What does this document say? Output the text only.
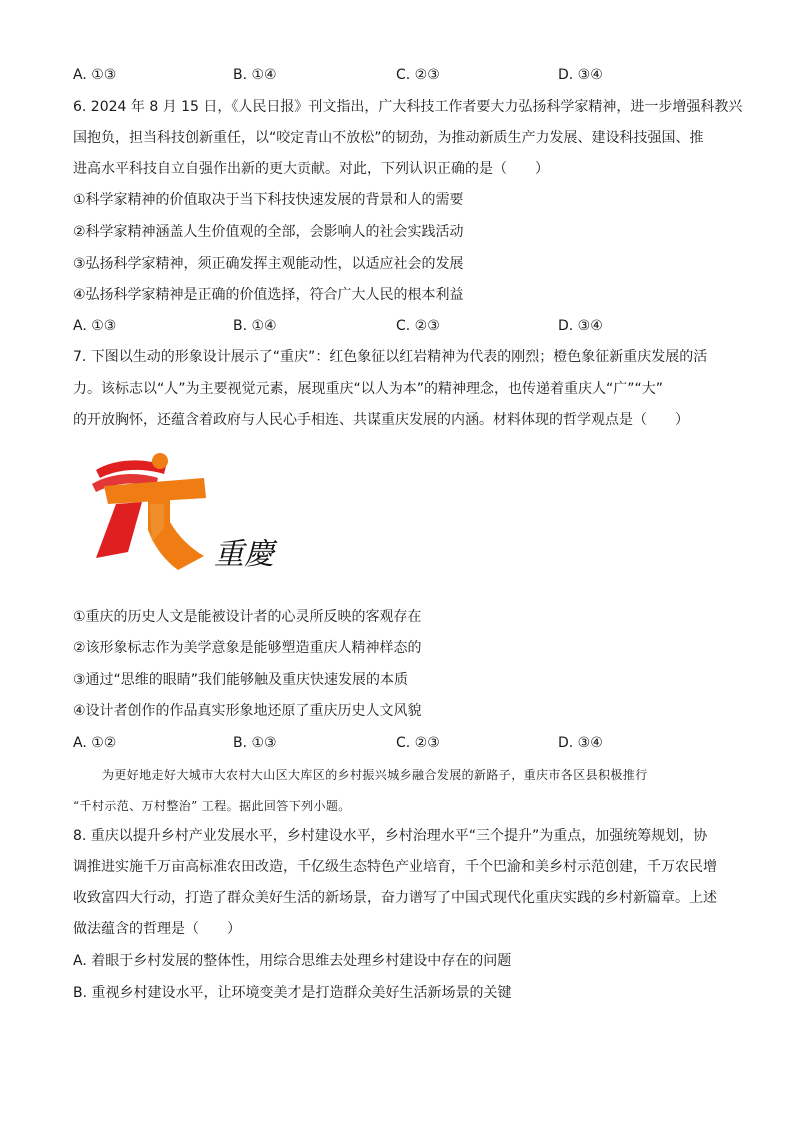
A. ①③	B. ①④	C. ②③	D. ③④
6. 2024 年 8 月 15 日，《人民日报》刊文指出，广大科技工作者要大力弘扬科学家精神，进一步增强科教兴
国抱负，担当科技创新重任，以“咬定青山不放松”的韧劲，为推动新质生产力发展、建设科技强国、推
进高水平科技自立自强作出新的更大贡献。对此，下列认识正确的是（　　）
①科学家精神的价值取决于当下科技快速发展的背景和人的需要
②科学家精神涵盖人生价值观的全部，会影响人的社会实践活动
③弘扬科学家精神，须正确发挥主观能动性，以适应社会的发展
④弘扬科学家精神是正确的价值选择，符合广大人民的根本利益
A. ①③	B. ①④	C. ②③	D. ③④
7. 下图以生动的形象设计展示了“重庆”：红色象征以红岩精神为代表的刚烈；橙色象征新重庆发展的活
力。该标志以“人”为主要视觉元素，展现重庆“以人为本”的精神理念，也传递着重庆人“广”“大”
的开放胸怀，还蕴含着政府与人民心手相连、共谋重庆发展的内涵。材料体现的哲学观点是（　　）
重慶
①重庆的历史人文是能被设计者的心灵所反映的客观存在
②该形象标志作为美学意象是能够塑造重庆人精神样态的
③通过“思维的眼睛”我们能够触及重庆快速发展的本质
④设计者创作的作品真实形象地还原了重庆历史人文风貌
A. ①②	B. ①③	C. ②③	D. ③④
为更好地走好大城市大农村大山区大库区的乡村振兴城乡融合发展的新路子，重庆市各区县积极推行
“千村示范、万村整治” 工程。据此回答下列小题。
8. 重庆以提升乡村产业发展水平，乡村建设水平，乡村治理水平“三个提升”为重点，加强统筹规划，协
调推进实施千万亩高标准农田改造，千亿级生态特色产业培育，千个巴渝和美乡村示范创建，千万农民增
收致富四大行动，打造了群众美好生活的新场景，奋力谱写了中国式现代化重庆实践的乡村新篇章。上述
做法蕴含的哲理是（　　）
A. 着眼于乡村发展的整体性，用综合思维去处理乡村建设中存在的问题
B. 重视乡村建设水平，让环境变美才是打造群众美好生活新场景的关键
